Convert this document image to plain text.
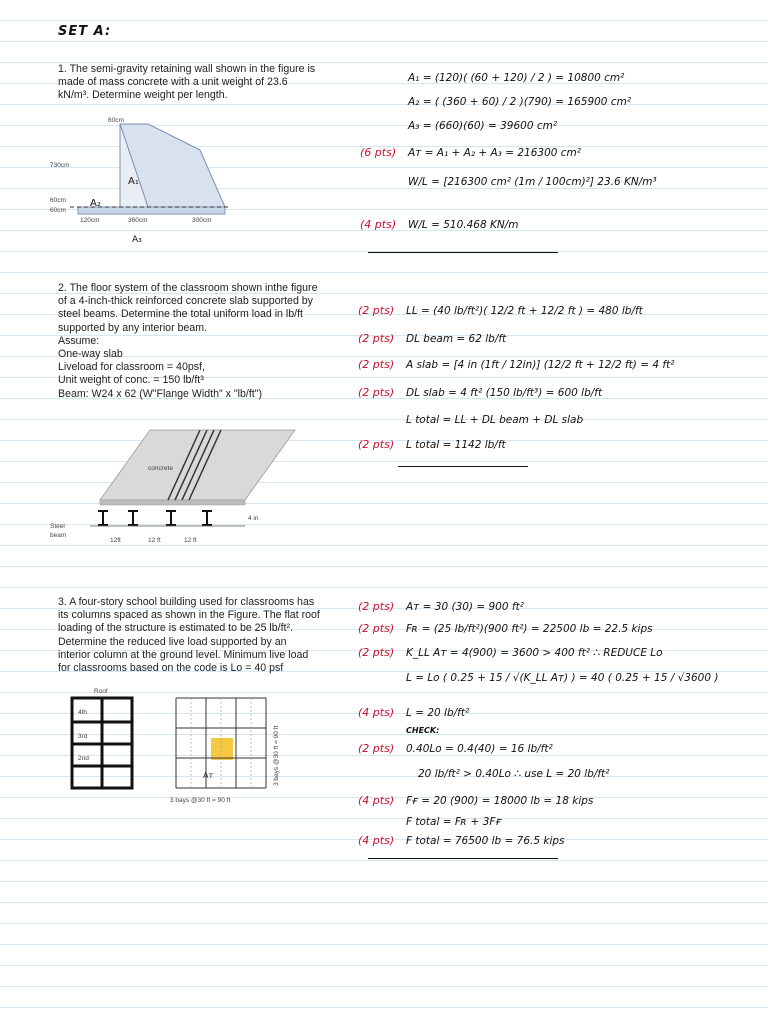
SET A:
1. The semi-gravity retaining wall shown in the figure is
made of mass concrete with a unit weight of 23.6
kN/m³. Determine weight per length.
60cm
730cm
60cm
60cm
120cm	360cm	300cm
A₁
A₂
A₃
A₁ = (120)( (60 + 120) / 2 ) = 10800 cm²
A₂ = ( (360 + 60) / 2 )(790) = 165900 cm²
A₃ = (660)(60) = 39600 cm²
(6 pts) Aᴛ = A₁ + A₂ + A₃ = 216300 cm²
W/L = [216300 cm² (1m / 100cm)²] 23.6 KN/m³
(4 pts) W/L = 510.468 KN/m
2. The floor system of the classroom shown inthe figure
of a 4-inch-thick reinforced concrete slab supported by
steel beams. Determine the total uniform load in lb/ft
supported by any interior beam.
Assume:
One-way slab
Liveload for classroom = 40psf,
Unit weight of conc. = 150 lb/ft³
Beam: W24 x 62 (W"Flange Width" x "lb/ft")
concrete
Steel
beam
4 in
12ft	12 ft	12 ft
(2 pts) LL = (40 lb/ft²)( 12/2 ft + 12/2 ft ) = 480 lb/ft
(2 pts) DL beam = 62 lb/ft
(2 pts) A slab = [4 in (1ft / 12in)] (12/2 ft + 12/2 ft) = 4 ft²
(2 pts) DL slab = 4 ft² (150 lb/ft³) = 600 lb/ft
L total = LL + DL beam + DL slab
(2 pts) L total = 1142 lb/ft
3. A four-story school building used for classrooms has
its columns spaced as shown in the Figure. The flat roof
loading of the structure is estimated to be 25 lb/ft².
Determine the reduced live load supported by an
interior column at the ground level. Minimum live load
for classrooms based on the code is Lo = 40 psf
Roof
4th
3rd
2nd
Aᴛ
3 bays @30 ft = 90 ft
3 bays @30 ft = 90 ft
(2 pts) Aᴛ = 30 (30) = 900 ft²
(2 pts) Fʀ = (25 lb/ft²)(900 ft²) = 22500 lb = 22.5 kips
(2 pts) K_LL Aᴛ = 4(900) = 3600 > 400 ft² ∴ REDUCE Lo
L = Lo ( 0.25 + 15 / √(K_LL Aᴛ) ) = 40 ( 0.25 + 15 / √3600 )
(4 pts) L = 20 lb/ft²
CHECK:
(2 pts) 0.40Lo = 0.4(40) = 16 lb/ft²
20 lb/ft² > 0.40Lo ∴ use L = 20 lb/ft²
(4 pts) Fғ = 20 (900) = 18000 lb = 18 kips
F total = Fʀ + 3Fғ
(4 pts) F total = 76500 lb = 76.5 kips
